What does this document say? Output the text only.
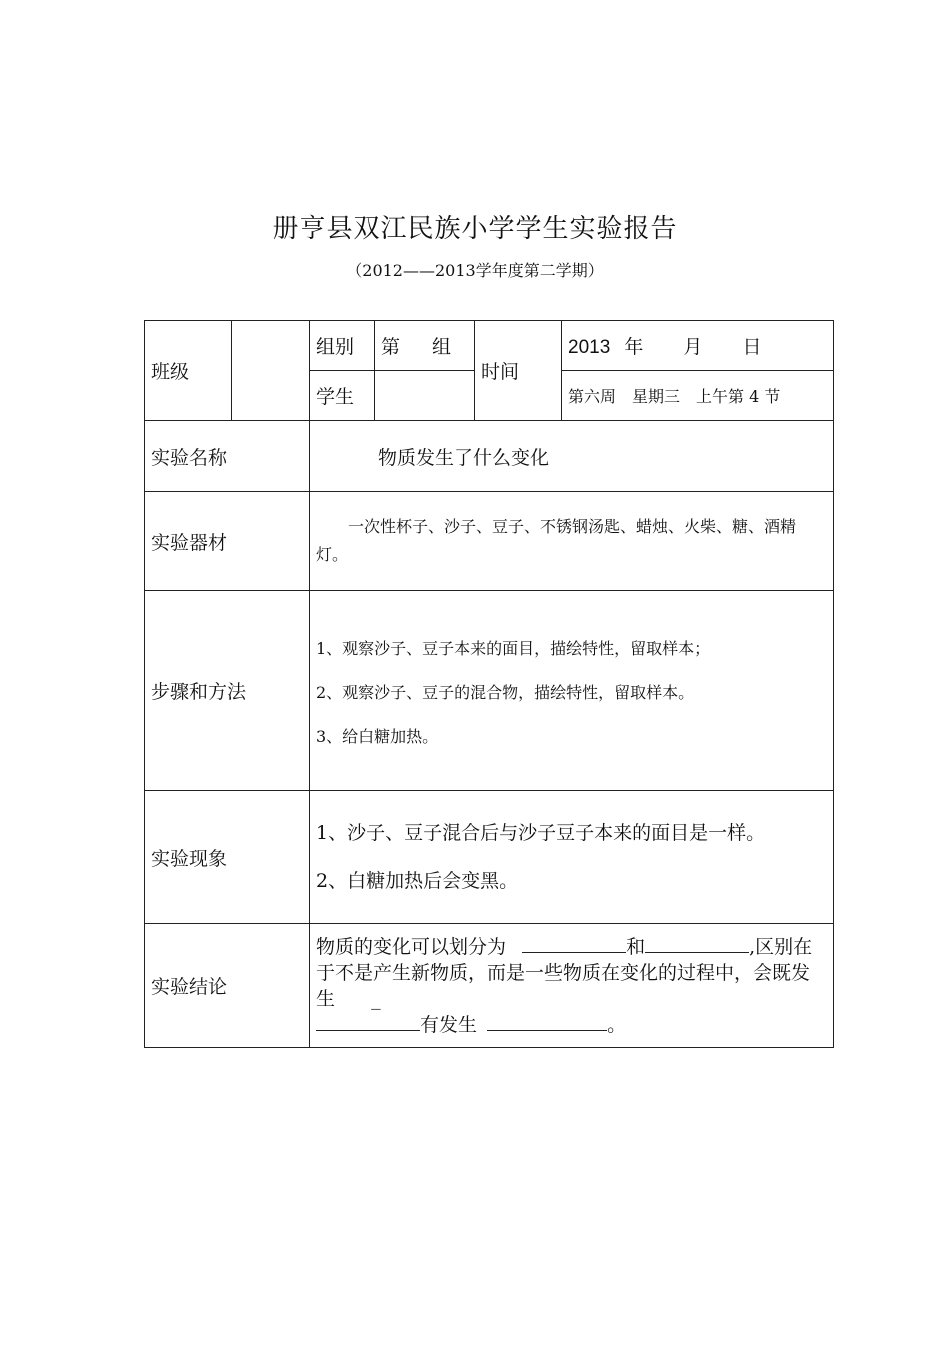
册亨县双江民族小学学生实验报告
（2012——2013学年度第二学期）
班级		组别	第 组	时间	2013 年 月 日
		学生			第六周　星期三　上午第 4 节
实验名称		物质发生了什么变化			
实验器材		一次性杯子、沙子、豆子、不锈钢汤匙、蜡烛、火柴、糖、酒精灯。			

步骤和方法		1、观察沙子、豆子本来的面目，描绘特性，留取样本；

2、观察沙子、豆子的混合物，描绘特性，留取样本。

3、给白糖加热。			

实验现象		1、沙子、豆子混合后与沙子豆子本来的面目是一样。

2、白糖加热后会变黑。			

实验结论		物质的变化可以划分为 和 ,区别在于不是产生新物质，而是一些物质在变化的过程中，会既发生 _
有发生 。			
